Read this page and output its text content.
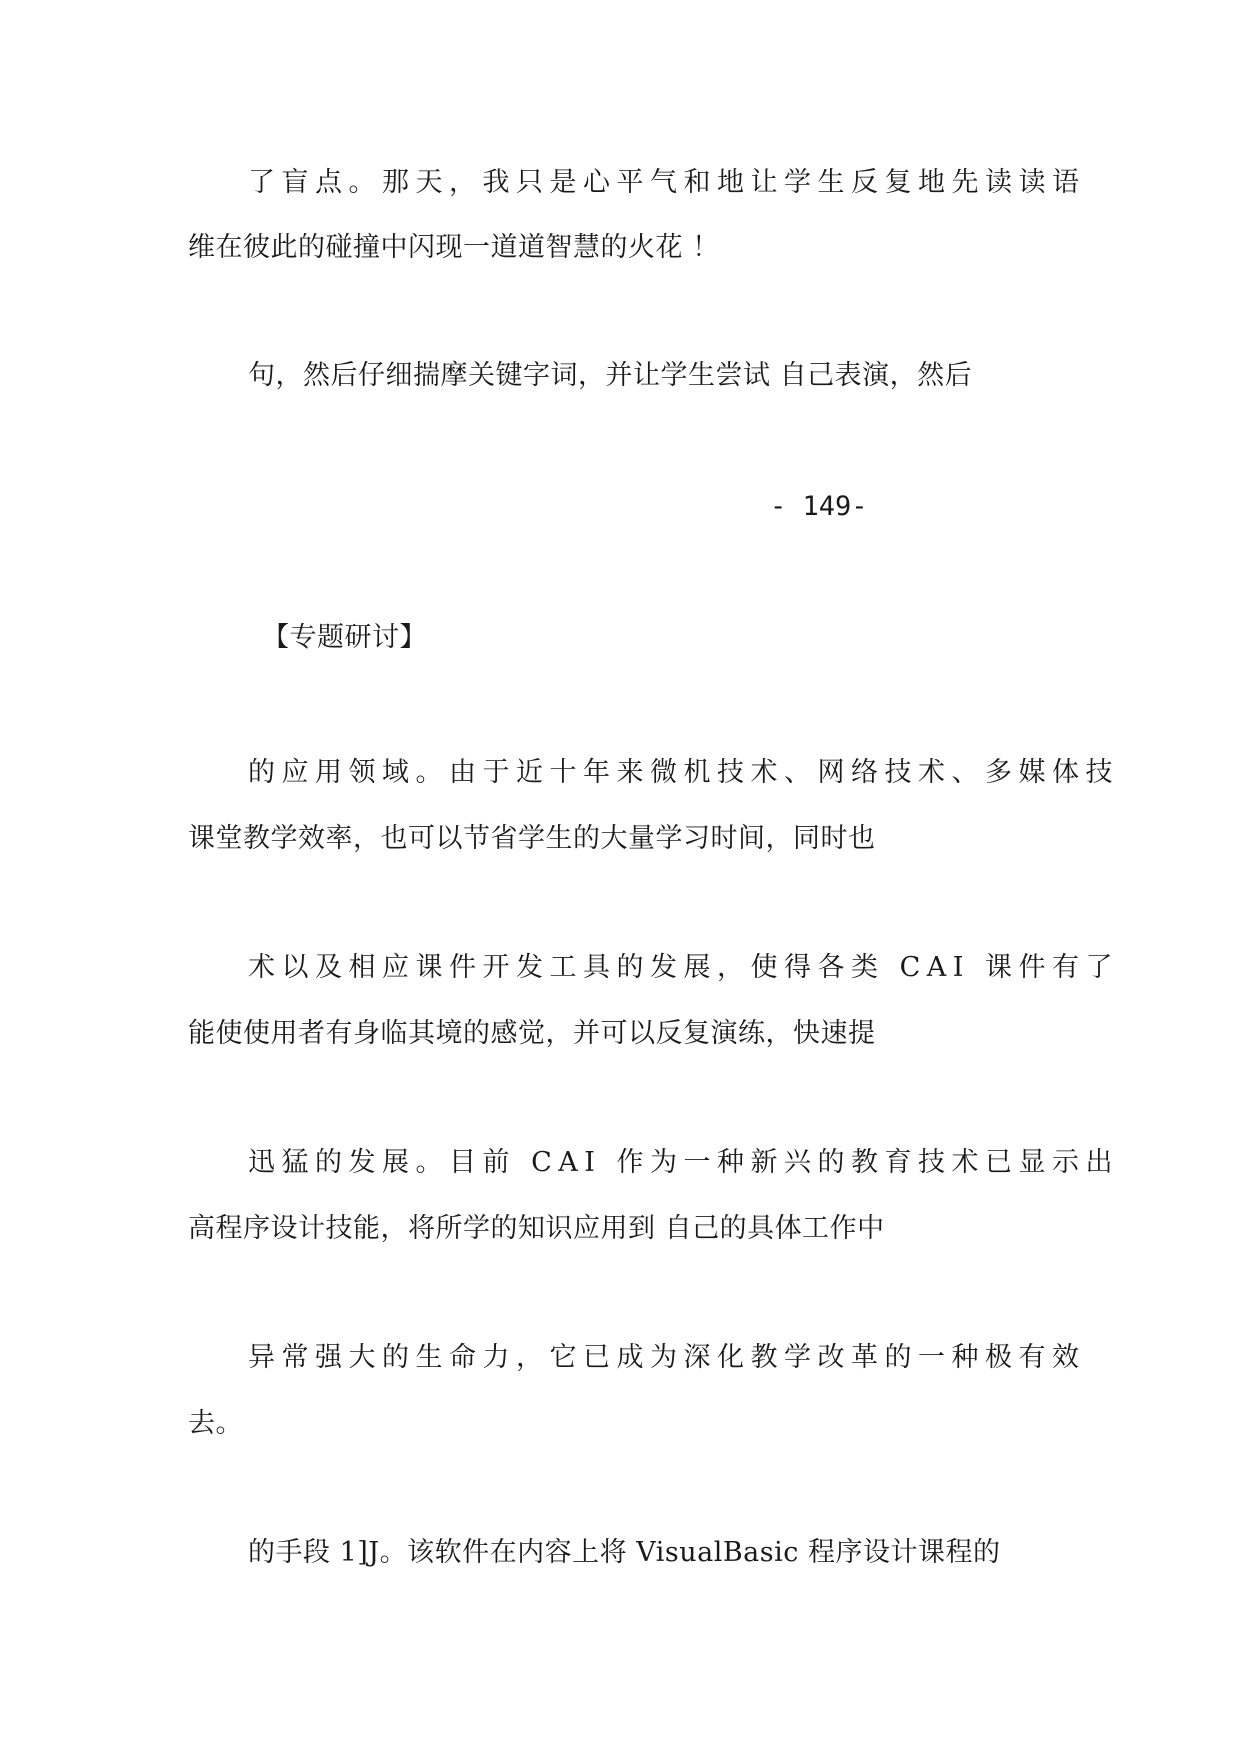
了盲点。那天，我只是心平气和地让学生反复地先读读语

维在彼此的碰撞中闪现一道道智慧的火花 ！

句，然后仔细揣摩关键字词，并让学生尝试 自己表演，然后

- 149-
【专题研讨】

的应用领域。由于近十年来微机技术、网络技术、多媒体技

课堂教学效率，也可以节省学生的大量学习时间，同时也

术以及相应课件开发工具的发展，使得各类 CAI 课件有了

能使使用者有身临其境的感觉，并可以反复演练，快速提

迅猛的发展。目前 CAI 作为一种新兴的教育技术已显示出

高程序设计技能，将所学的知识应用到 自己的具体工作中

异常强大的生命力，它已成为深化教学改革的一种极有效

去。

的手段 1]J。该软件在内容上将 VisualBasic 程序设计课程的
